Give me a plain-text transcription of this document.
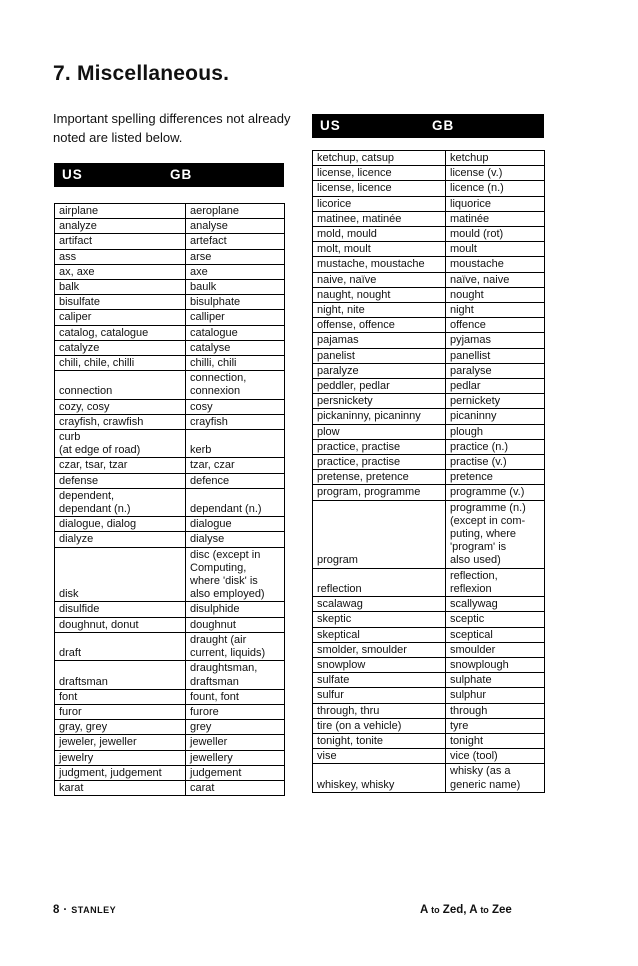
7. Miscellaneous.
Important spelling differences not already noted are listed below.
US	GB
US	GB
airplane	aeroplane
analyze	analyse
artifact	artefact
ass	arse
ax, axe	axe
balk	baulk
bisulfate	bisulphate
caliper	calliper
catalog, catalogue	catalogue
catalyze	catalyse
chili, chile, chilli	chilli, chili
connection	connection,
connexion
cozy, cosy	cosy
crayfish, crawfish	crayfish
curb
(at edge of road)	kerb
czar, tsar, tzar	tzar, czar
defense	defence
dependent,
dependant (n.)	dependant (n.)
dialogue, dialog	dialogue
dialyze	dialyse
disk	disc (except in
Computing,
where 'disk' is
also employed)
disulfide	disulphide
doughnut, donut	doughnut
draft	draught (air
current, liquids)
draftsman	draughtsman,
draftsman
font	fount, font
furor	furore
gray, grey	grey
jeweler, jeweller	jeweller
jewelry	jewellery
judgment, judgement	judgement
karat	carat
ketchup, catsup	ketchup
license, licence	license (v.)
license, licence	licence (n.)
licorice	liquorice
matinee, matinée	matinée
mold, mould	mould (rot)
molt, moult	moult
mustache, moustache	moustache
naive, naïve	naïve, naive
naught, nought	nought
night, nite	night
offense, offence	offence
pajamas	pyjamas
panelist	panellist
paralyze	paralyse
peddler, pedlar	pedlar
persnickety	pernickety
pickaninny, picaninny	picaninny
plow	plough
practice, practise	practice (n.)
practice, practise	practise (v.)
pretense, pretence	pretence
program, programme	programme (v.)
program	programme (n.)
(except in com-
puting, where
'program' is
also used)
reflection	reflection,
reflexion
scalawag	scallywag
skeptic	sceptic
skeptical	sceptical
smolder, smoulder	smoulder
snowplow	snowplough
sulfate	sulphate
sulfur	sulphur
through, thru	through
tire (on a vehicle)	tyre
tonight, tonite	tonight
vise	vice (tool)
whiskey, whisky	whisky (as a
generic name)
8 · STANLEY	A to Zed, A to Zee
